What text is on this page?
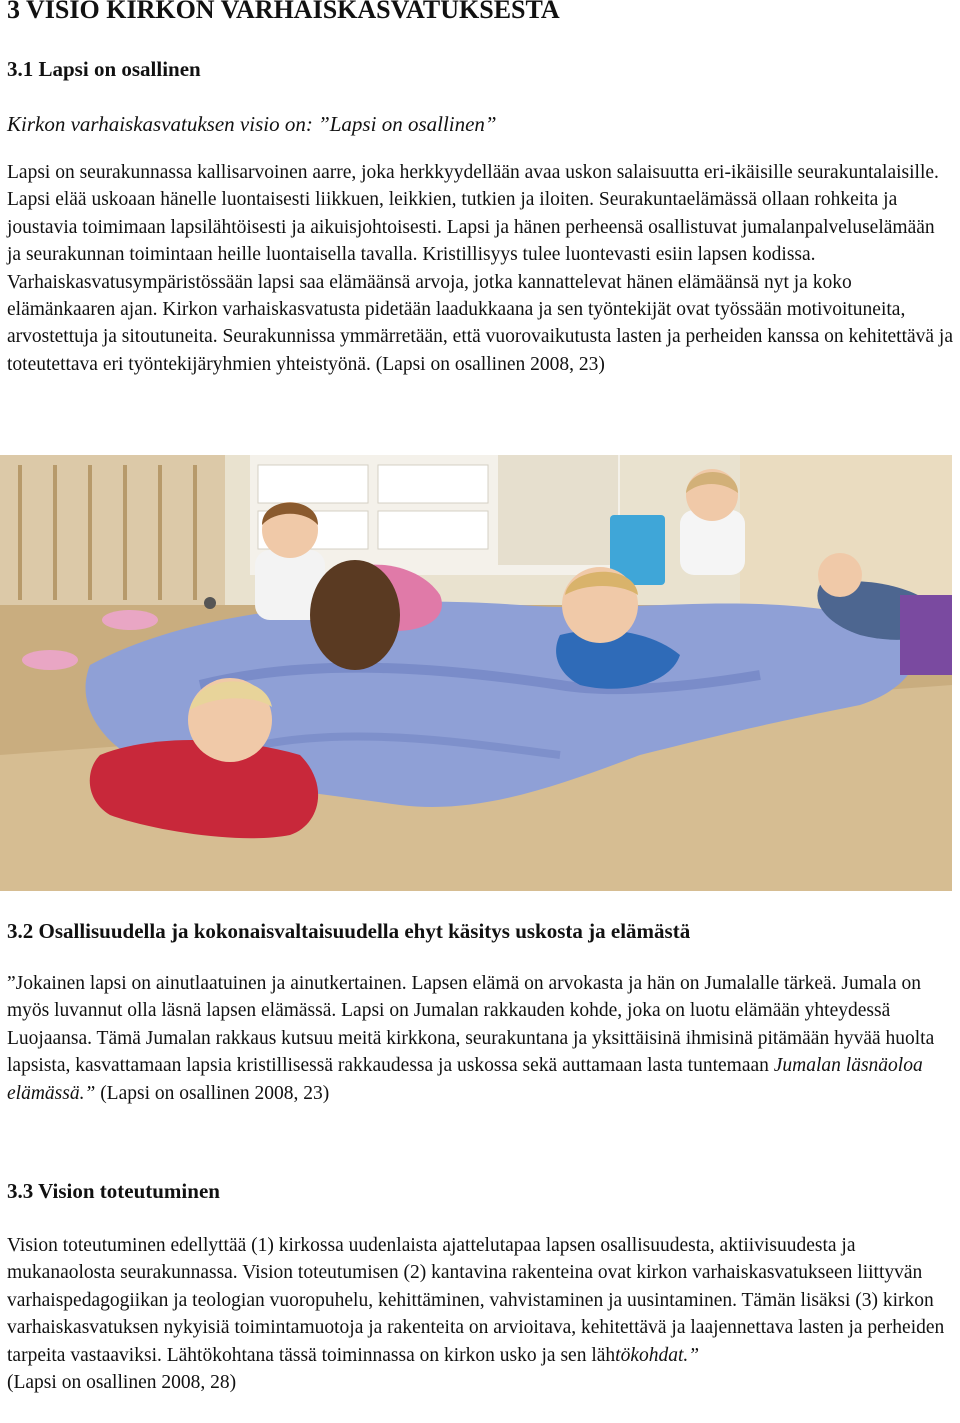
3 VISIO KIRKON VARHAISKASVATUKSESTA
3.1 Lapsi on osallinen
Kirkon varhaiskasvatuksen visio on: ”Lapsi on osallinen”

Lapsi on seurakunnassa kallisarvoinen aarre, joka herkkyydellään avaa uskon salaisuutta eri-ikäisille seurakuntalaisille. Lapsi elää uskoaan hänelle luontaisesti liikkuen, leikkien, tutkien ja iloiten. Seurakuntaelämässä ollaan rohkeita ja joustavia toimimaan lapsilähtöisesti ja aikuisjohtoisesti. Lapsi ja hänen perheensä osallistuvat jumalanpalveluselämään ja seurakunnan toimintaan heille luontaisella tavalla. Kristillisyys tulee luontevasti esiin lapsen kodissa. Varhaiskasvatusympäristössään lapsi saa elämäänsä arvoja, jotka kannattelevat hänen elämäänsä nyt ja koko elämänkaaren ajan. Kirkon varhaiskasvatusta pidetään laadukkaana ja sen työntekijät ovat työssään motivoituneita, arvostettuja ja sitoutuneita. Seurakunnissa ymmärretään, että vuorovaikutusta lasten ja perheiden kanssa on kehitettävä ja toteutettava eri työntekijäryhmien yhteistyönä. (Lapsi on osallinen 2008, 23)

3.2 Osallisuudella ja kokonaisvaltaisuudella ehyt käsitys uskosta ja elämästä

”Jokainen lapsi on ainutlaatuinen ja ainutkertainen. Lapsen elämä on arvokasta ja hän on Jumalalle tärkeä. Jumala on myös luvannut olla läsnä lapsen elämässä. Lapsi on Jumalan rakkauden kohde, joka on luotu elämään yhteydessä Luojaansa. Tämä Jumalan rakkaus kutsuu meitä kirkkona, seurakuntana ja yksittäisinä ihmisinä pitämään hyvää huolta lapsista, kasvattamaan lapsia kristillisessä rakkaudessa ja uskossa sekä auttamaan lasta tuntemaan Jumalan läsnäoloa elämässä.” (Lapsi on osallinen 2008, 23)

3.3 Vision toteutuminen

Vision toteutuminen edellyttää (1) kirkossa uudenlaista ajattelutapaa lapsen osallisuudesta, aktiivisuudesta ja mukanaolosta seurakunnassa. Vision toteutumisen (2) kantavina rakenteina ovat kirkon varhaiskasvatukseen liittyvän varhaispedagogiikan ja teologian vuoropuhelu, kehittäminen, vahvistaminen ja uusintaminen. Tämän lisäksi (3) kirkon varhaiskasvatuksen nykyisiä toimintamuotoja ja rakenteita on arvioitava, kehitettävä ja laajennettava lasten ja perheiden tarpeita vastaaviksi. Lähtökohtana tässä toiminnassa on kirkon usko ja sen lähtökohdat.”
(Lapsi on osallinen 2008, 28)
